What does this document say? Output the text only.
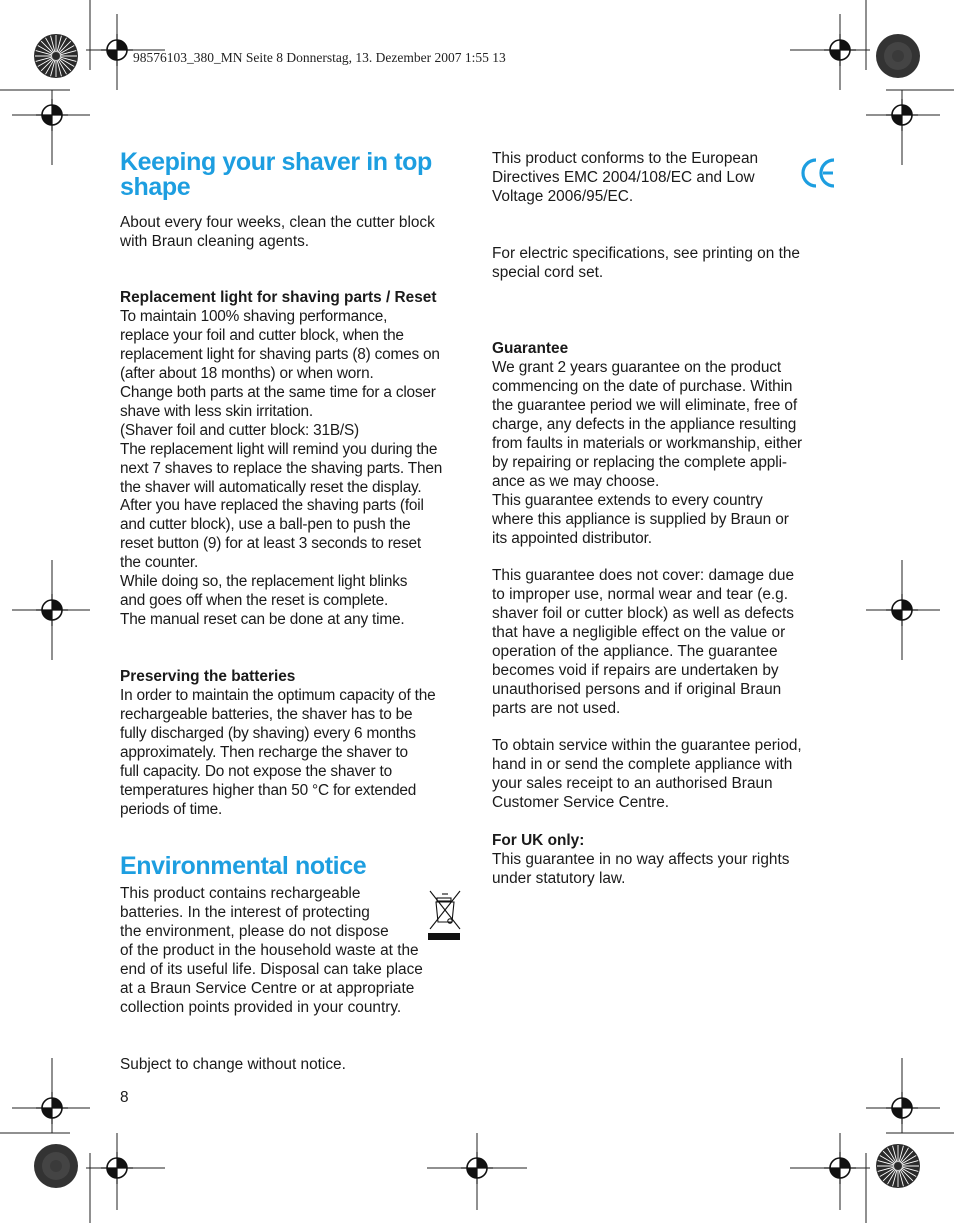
98576103_380_MN Seite 8 Donnerstag, 13. Dezember 2007 1:55 13
Keeping your shaver in top
shape
About every four weeks, clean the cutter block
with Braun cleaning agents.
Replacement light for shaving parts / Reset
To maintain 100% shaving performance,
replace your foil and cutter block, when the
replacement light for shaving parts (8) comes on
(after about 18 months) or when worn.
Change both parts at the same time for a closer
shave with less skin irritation.
(Shaver foil and cutter block: 31B/S)
The replacement light will remind you during the
next 7 shaves to replace the shaving parts. Then
the shaver will automatically reset the display.
After you have replaced the shaving parts (foil
and cutter block), use a ball-pen to push the
reset button (9) for at least 3 seconds to reset
the counter.
While doing so, the replacement light blinks
and goes off when the reset is complete.
The manual reset can be done at any time.
Preserving the batteries
In order to maintain the optimum capacity of the
rechargeable batteries, the shaver has to be
fully discharged (by shaving) every 6 months
approximately. Then recharge the shaver to
full capacity. Do not expose the shaver to
temperatures higher than 50 °C for extended
periods of time.
Environmental notice
This product contains rechargeable
batteries. In the interest of protecting
the environment, please do not dispose
of the product in the household waste at the
end of its useful life. Disposal can take place
at a Braun Service Centre or at appropriate
collection points provided in your country.
Subject to change without notice.
8
This product conforms to the European
Directives EMC 2004/108/EC and Low
Voltage 2006/95/EC.
For electric specifications, see printing on the
special cord set.
Guarantee
We grant 2 years guarantee on the product
commencing on the date of purchase. Within
the guarantee period we will eliminate, free of
charge, any defects in the appliance resulting
from faults in materials or workmanship, either
by repairing or replacing the complete appli-
ance as we may choose.
This guarantee extends to every country
where this appliance is supplied by Braun or
its appointed distributor.
This guarantee does not cover: damage due
to improper use, normal wear and tear (e.g.
shaver foil or cutter block) as well as defects
that have a negligible effect on the value or
operation of the appliance. The guarantee
becomes void if repairs are undertaken by
unauthorised persons and if original Braun
parts are not used.
To obtain service within the guarantee period,
hand in or send the complete appliance with
your sales receipt to an authorised Braun
Customer Service Centre.
For UK only:
This guarantee in no way affects your rights
under statutory law.
